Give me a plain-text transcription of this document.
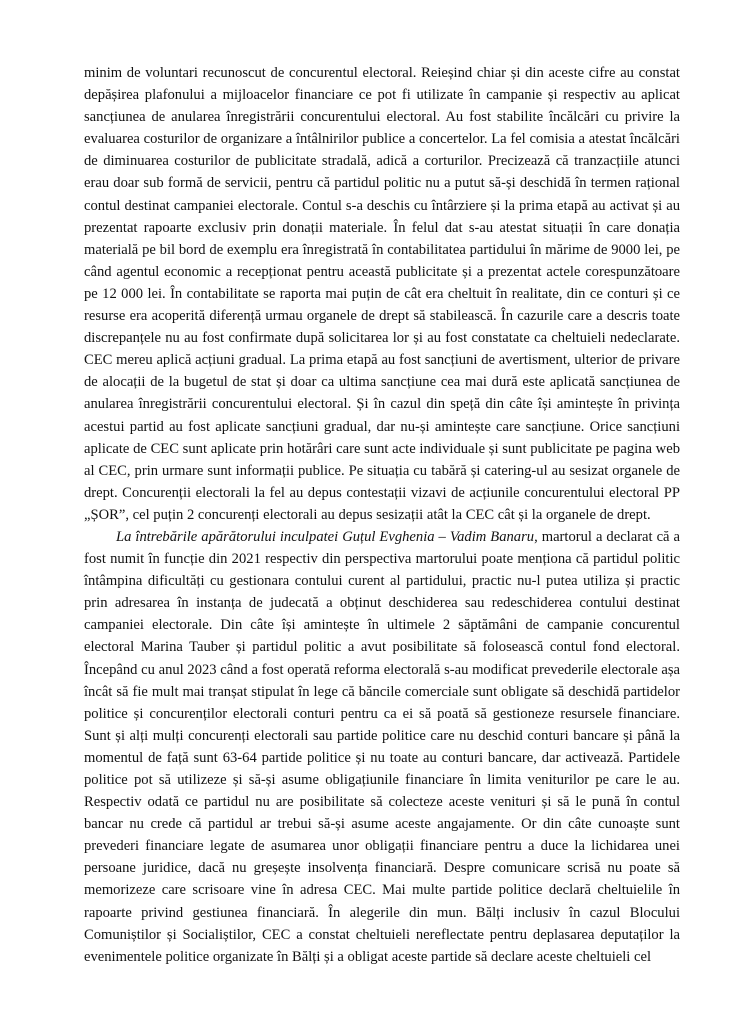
minim de voluntari recunoscut de concurentul electoral. Reieșind chiar și din aceste cifre au constat depășirea plafonului a mijloacelor financiare ce pot fi utilizate în campanie și respectiv au aplicat sancțiunea de anularea înregistrării concurentului electoral. Au fost stabilite încălcări cu privire la evaluarea costurilor de organizare a întâlnirilor publice a concertelor. La fel comisia a atestat încălcări de diminuarea costurilor de publicitate stradală, adică a corturilor. Precizează că tranzacțiile atunci erau doar sub formă de servicii, pentru că partidul politic nu a putut să-și deschidă în termen rațional contul destinat campaniei electorale. Contul s-a deschis cu întârziere și la prima etapă au activat și au prezentat rapoarte exclusiv prin donații materiale. În felul dat s-au atestat situații în care donația materială pe bil bord de exemplu era înregistrată în contabilitatea partidului în mărime de 9000 lei, pe când agentul economic a recepționat pentru această publicitate și a prezentat actele corespunzătoare pe 12 000 lei. În contabilitate se raporta mai puțin de cât era cheltuit în realitate, din ce conturi și ce resurse era acoperită diferență urmau organele de drept să stabilească. În cazurile care a descris toate discrepanțele nu au fost confirmate după solicitarea lor și au fost constatate ca cheltuieli nedeclarate. CEC mereu aplică acțiuni gradual. La prima etapă au fost sancțiuni de avertisment, ulterior de privare de alocații de la bugetul de stat și doar ca ultima sancțiune cea mai dură este aplicată sancțiunea de anularea înregistrării concurentului electoral. Și în cazul din speță din câte își amintește în privința acestui partid au fost aplicate sancțiuni gradual, dar nu-și amintește care sancțiune. Orice sancțiuni aplicate de CEC sunt aplicate prin hotărâri care sunt acte individuale și sunt publicitate pe pagina web al CEC, prin urmare sunt informații publice. Pe situația cu tabără și catering-ul au sesizat organele de drept. Concurenții electorali la fel au depus contestații vizavi de acțiunile concurentului electoral PP „ȘOR”, cel puțin 2 concurenți electorali au depus sesizații atât la CEC cât și la organele de drept.

La întrebările apărătorului inculpatei Guțul Evghenia – Vadim Banaru, martorul a declarat că a fost numit în funcție din 2021 respectiv din perspectiva martorului poate menționa că partidul politic întâmpina dificultăți cu gestionara contului curent al partidului, practic nu-l putea utiliza și practic prin adresarea în instanța de judecată a obținut deschiderea sau redeschiderea contului destinat campaniei electorale. Din câte își amintește în ultimele 2 săptămâni de campanie concurentul electoral Marina Tauber și partidul politic a avut posibilitate să folosească contul fond electoral. Începând cu anul 2023 când a fost operată reforma electorală s-au modificat prevederile electorale așa încât să fie mult mai tranșat stipulat în lege că băncile comerciale sunt obligate să deschidă partidelor politice și concurenților electorali conturi pentru ca ei să poată să gestioneze resursele financiare. Sunt și alți mulți concurenți electorali sau partide politice care nu deschid conturi bancare și până la momentul de față sunt 63-64 partide politice și nu toate au conturi bancare, dar activează. Partidele politice pot să utilizeze și să-și asume obligațiunile financiare în limita veniturilor pe care le au. Respectiv odată ce partidul nu are posibilitate să colecteze aceste venituri și să le pună în contul bancar nu crede că partidul ar trebui să-și asume aceste angajamente. Or din câte cunoaște sunt prevederi financiare legate de asumarea unor obligații financiare pentru a duce la lichidarea unei persoane juridice, dacă nu greșește insolvența financiară. Despre comunicare scrisă nu poate să memorizeze care scrisoare vine în adresa CEC. Mai multe partide politice declară cheltuielile în rapoarte privind gestiunea financiară. În alegerile din mun. Bălți inclusiv în cazul Blocului Comuniștilor și Socialiștilor, CEC a constat cheltuieli nereflectate pentru deplasarea deputaților la evenimentele politice organizate în Bălți și a obligat aceste partide să declare aceste cheltuieli cel
